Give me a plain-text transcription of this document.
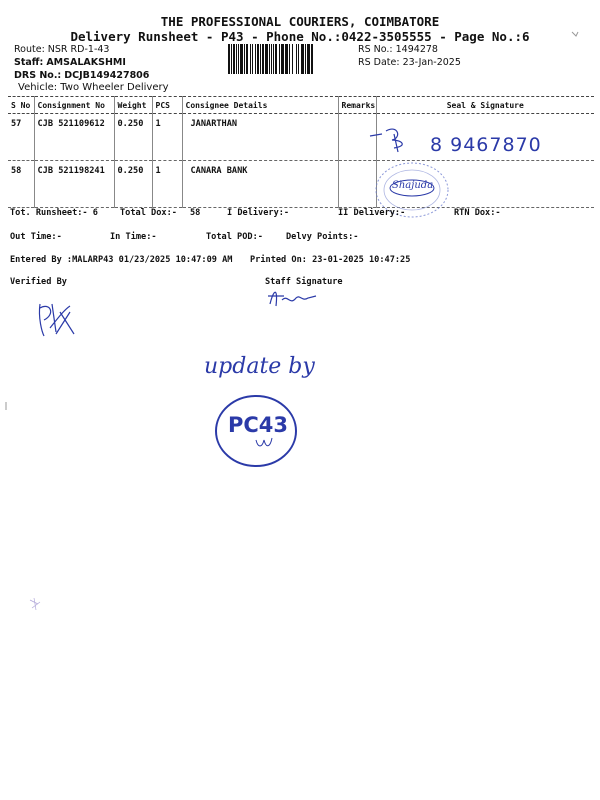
THE PROFESSIONAL COURIERS, COIMBATORE
Delivery Runsheet - P43 - Phone No.:0422-3505555 - Page No.:6
Route: NSR RD-1-43
Staff: AMSALAKSHMI
DRS No.: DCJB149427806
Vehicle: Two Wheeler Delivery
RS No.: 1494278
RS Date: 23-Jan-2025
S No	Consignment No	Weight	PCS	Consignee Details	Remarks	Seal & Signature
57	CJB 521109612	0.250	1	JANARTHAN		
58	CJB 521198241	0.250	1	CANARA BANK		
8 9467870
Shajuda
Tot. Runsheet:- 6	Total Dox:- 58	I Delivery:-	II Delivery:-	RTN Dox:-
Out Time:-	In Time:-	Total POD:-	Delvy Points:-
Entered By :MALARP43 01/23/2025 10:47:09 AM Printed On: 23-01-2025 10:47:25
Verified By	Staff Signature
update by
PC43
